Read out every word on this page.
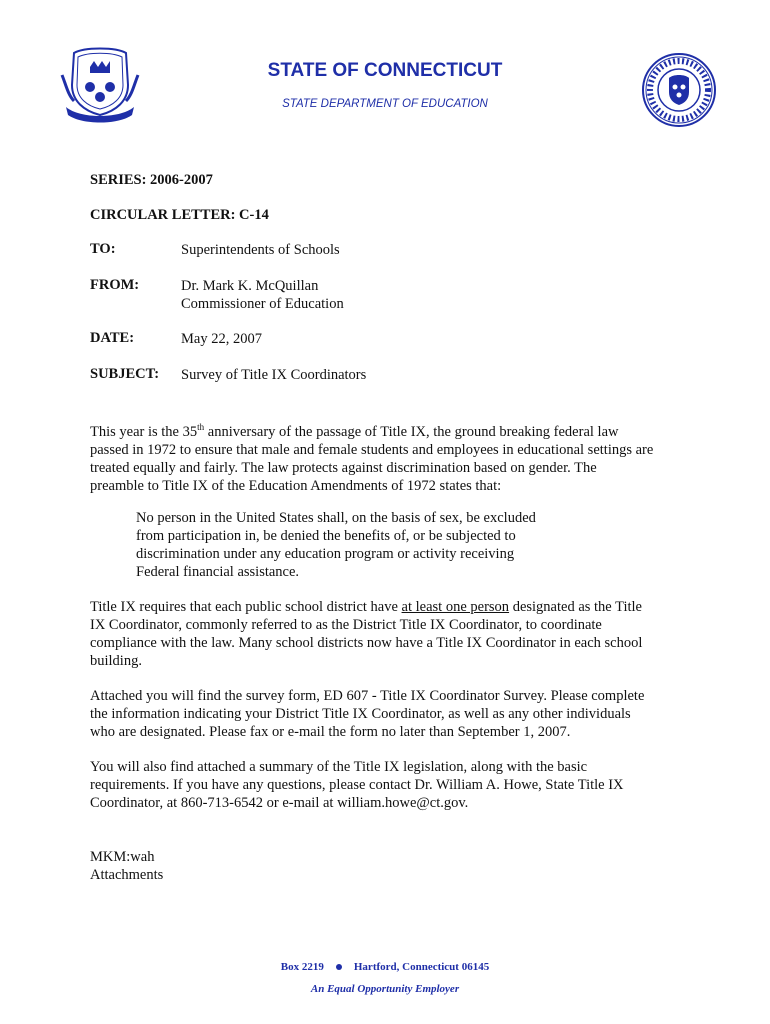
STATE OF CONNECTICUT
STATE DEPARTMENT OF EDUCATION
SERIES: 2006-2007
CIRCULAR LETTER: C-14
TO:	Superintendents of Schools
FROM:	Dr. Mark K. McQuillan
Commissioner of Education
DATE:	May 22, 2007
SUBJECT: Survey of Title IX Coordinators
This year is the 35th anniversary of the passage of Title IX, the ground breaking federal law
passed in 1972 to ensure that male and female students and employees in educational settings are
treated equally and fairly. The law protects against discrimination based on gender. The
preamble to Title IX of the Education Amendments of 1972 states that:
No person in the United States shall, on the basis of sex, be excluded
from participation in, be denied the benefits of, or be subjected to
discrimination under any education program or activity receiving
Federal financial assistance.
Title IX requires that each public school district have at least one person designated as the Title
IX Coordinator, commonly referred to as the District Title IX Coordinator, to coordinate
compliance with the law. Many school districts now have a Title IX Coordinator in each school
building.
Attached you will find the survey form, ED 607 - Title IX Coordinator Survey. Please complete
the information indicating your District Title IX Coordinator, as well as any other individuals
who are designated. Please fax or e-mail the form no later than September 1, 2007.
You will also find attached a summary of the Title IX legislation, along with the basic
requirements. If you have any questions, please contact Dr. William A. Howe, State Title IX
Coordinator, at 860-713-6542 or e-mail at william.howe@ct.gov.
MKM:wah
Attachments
Box 2219	Hartford, Connecticut 06145
An Equal Opportunity Employer
